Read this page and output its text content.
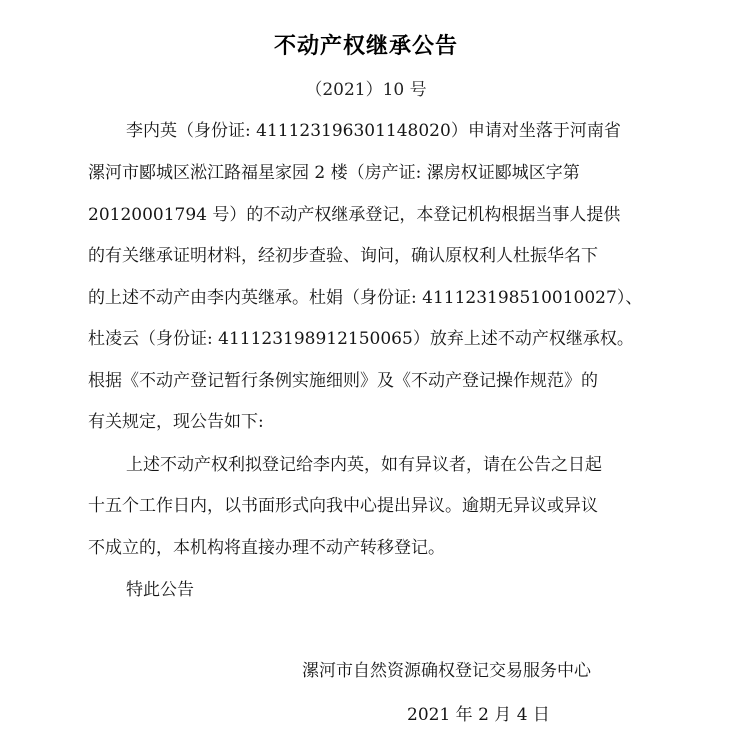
不动产权继承公告
（2021）10 号
李内英（身份证: 411123196301148020）申请对坐落于河南省
漯河市郾城区淞江路福星家园 2 楼（房产证: 漯房权证郾城区字第
20120001794 号）的不动产权继承登记，本登记机构根据当事人提供
的有关继承证明材料，经初步查验、询问，确认原权利人杜振华名下
的上述不动产由李内英继承。杜娟（身份证: 411123198510010027）、
杜凌云（身份证: 411123198912150065）放弃上述不动产权继承权。
根据《不动产登记暂行条例实施细则》及《不动产登记操作规范》的
有关规定，现公告如下:
上述不动产权利拟登记给李内英，如有异议者，请在公告之日起
十五个工作日内，以书面形式向我中心提出异议。逾期无异议或异议
不成立的，本机构将直接办理不动产转移登记。
特此公告
漯河市自然资源确权登记交易服务中心
2021 年 2 月 4 日
